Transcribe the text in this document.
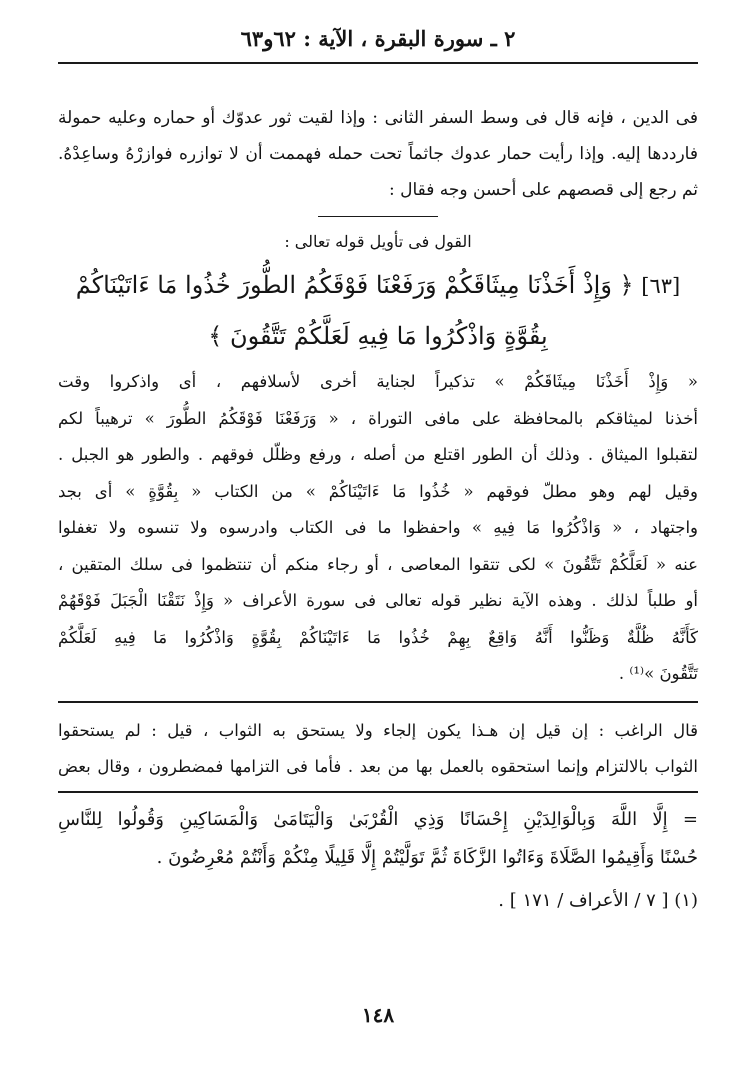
٢ ـ سورة البقرة ، الآية : ٦٢و٦٣
فى الدين ، فإنه قال فى وسط السفر الثانى : وإذا لقيت ثور عدوّك أو حماره وعليه حمولة
فارددها إليه. وإذا رأيت حمار عدوك جاثماً تحت حمله فهممت أن لا توازره فوازرْهُ وساعِدْهُ.
ثم رجع إلى قصصهم على أحسن وجه فقال :
القول فى تأويل قوله تعالى :
[٦٣] ﴿ وَإِذْ أَخَذْنَا مِيثَاقَكُمْ وَرَفَعْنَا فَوْقَكُمُ الطُّورَ خُذُوا مَا ءَاتَيْنَاكُمْ
بِقُوَّةٍ وَاذْكُرُوا مَا فِيهِ لَعَلَّكُمْ تَتَّقُونَ ﴾
« وَإِذْ أَخَذْنَا مِيثَاقَكُمْ » تذكيراً لجناية أخرى لأسلافهم ، أى واذكروا وقت
أخذنا لميثاقكم بالمحافظة على مافى التوراة ، « وَرَفَعْنَا فَوْقَكُمُ الطُّورَ » ترهيباً لكم
لتقبلوا الميثاق . وذلك أن الطور اقتلع من أصله ، ورفع وظلّل فوقهم . والطور هو الجبل .
وقيل لهم وهو مطلّ فوقهم « خُذُوا مَا ءَاتَيْنَاكُمْ » من الكتاب « بِقُوَّةٍ » أى بجد
واجتهاد ، « وَاذْكُرُوا مَا فِيهِ » واحفظوا ما فى الكتاب وادرسوه ولا تنسوه ولا تغفلوا
عنه « لَعَلَّكُمْ تَتَّقُونَ » لكى تتقوا المعاصى ، أو رجاء منكم أن تنتظموا فى سلك المتقين ،
أو طلباً لذلك . وهذه الآية نظير قوله تعالى فى سورة الأعراف « وَإِذْ نَتَقْنَا الْجَبَلَ فَوْقَهُمْ
كَأَنَّهُ ظُلَّةٌ وَظَنُّوا أَنَّهُ وَاقِعٌ بِهِمْ خُذُوا مَا ءَاتَيْنَاكُمْ بِقُوَّةٍ وَاذْكُرُوا مَا فِيهِ لَعَلَّكُمْ
تَتَّقُونَ »⁽¹⁾ .
قال الراغب : إن قيل إن هـذا يكون إلجاء ولا يستحق به الثواب ، قيل : لم يستحقوا
الثواب بالالتزام وإنما استحقوه بالعمل بها من بعد . فأما فى التزامها فمضطرون ، وقال بعض
= إِلَّا اللَّهَ وَبِالْوَالِدَيْنِ إِحْسَانًا وَذِي الْقُرْبَىٰ وَالْيَتَامَىٰ وَالْمَسَاكِينِ وَقُولُوا لِلنَّاسِ
حُسْنًا وَأَقِيمُوا الصَّلَاةَ وَءَاتُوا الزَّكَاةَ ثُمَّ تَوَلَّيْتُمْ إِلَّا قَلِيلًا مِنْكُمْ وَأَنْتُمْ مُعْرِضُونَ .
(١) [ ٧ / الأعراف / ١٧١ ] .
١٤٨
